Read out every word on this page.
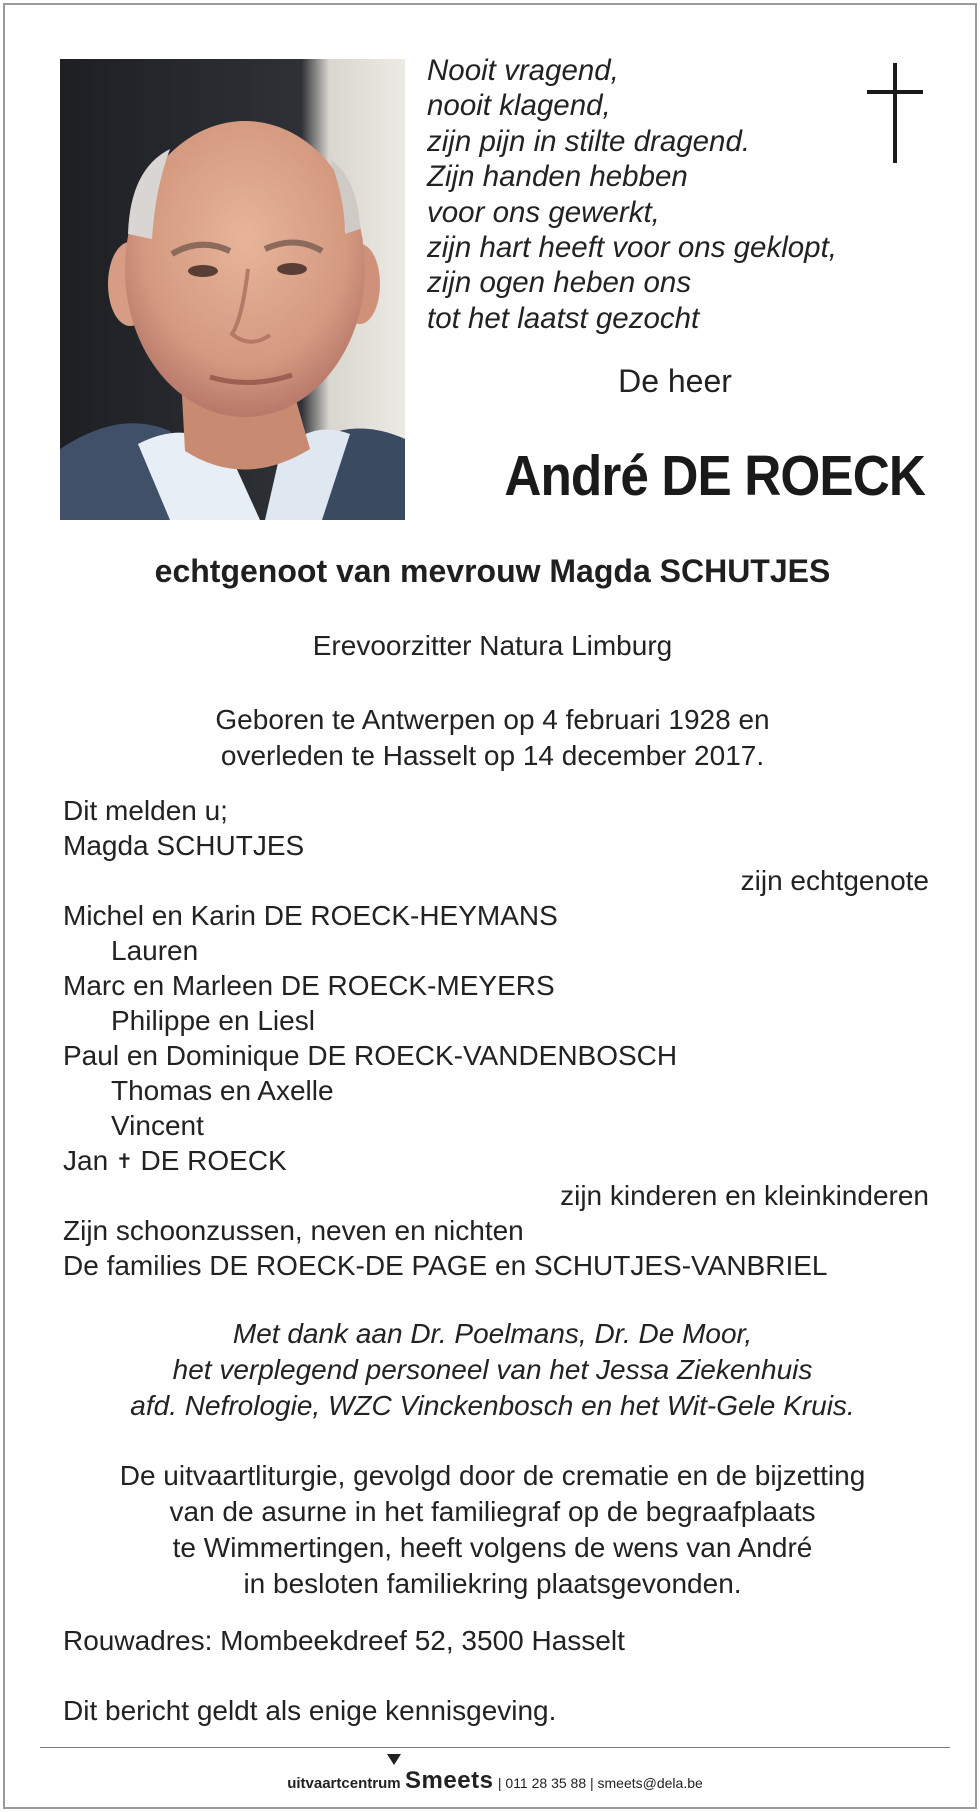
Nooit vragend,
nooit klagend,
zijn pijn in stilte dragend.
Zijn handen hebben
voor ons gewerkt,
zijn hart heeft voor ons geklopt,
zijn ogen heben ons
tot het laatst gezocht
De heer
André DE ROECK
echtgenoot van mevrouw Magda SCHUTJES
Erevoorzitter Natura Limburg
Geboren te Antwerpen op 4 februari 1928 en
overleden te Hasselt op 14 december 2017.
Dit melden u;
Magda SCHUTJES
zijn echtgenote
Michel en Karin DE ROECK-HEYMANS
Lauren
Marc en Marleen DE ROECK-MEYERS
Philippe en Liesl
Paul en Dominique DE ROECK-VANDENBOSCH
Thomas en Axelle
Vincent
Jan ✝ DE ROECK
zijn kinderen en kleinkinderen
Zijn schoonzussen, neven en nichten
De families DE ROECK-DE PAGE en SCHUTJES-VANBRIEL
Met dank aan Dr. Poelmans, Dr. De Moor,
het verplegend personeel van het Jessa Ziekenhuis
afd. Nefrologie, WZC Vinckenbosch en het Wit-Gele Kruis.
De uitvaartliturgie, gevolgd door de crematie en de bijzetting
van de asurne in het familiegraf op de begraafplaats
te Wimmertingen, heeft volgens de wens van André
in besloten familiekring plaatsgevonden.
Rouwadres: Mombeekdreef 52, 3500 Hasselt
Dit bericht geldt als enige kennisgeving.
uitvaartcentrum Smeets | 011 28 35 88 | smeets@dela.be
